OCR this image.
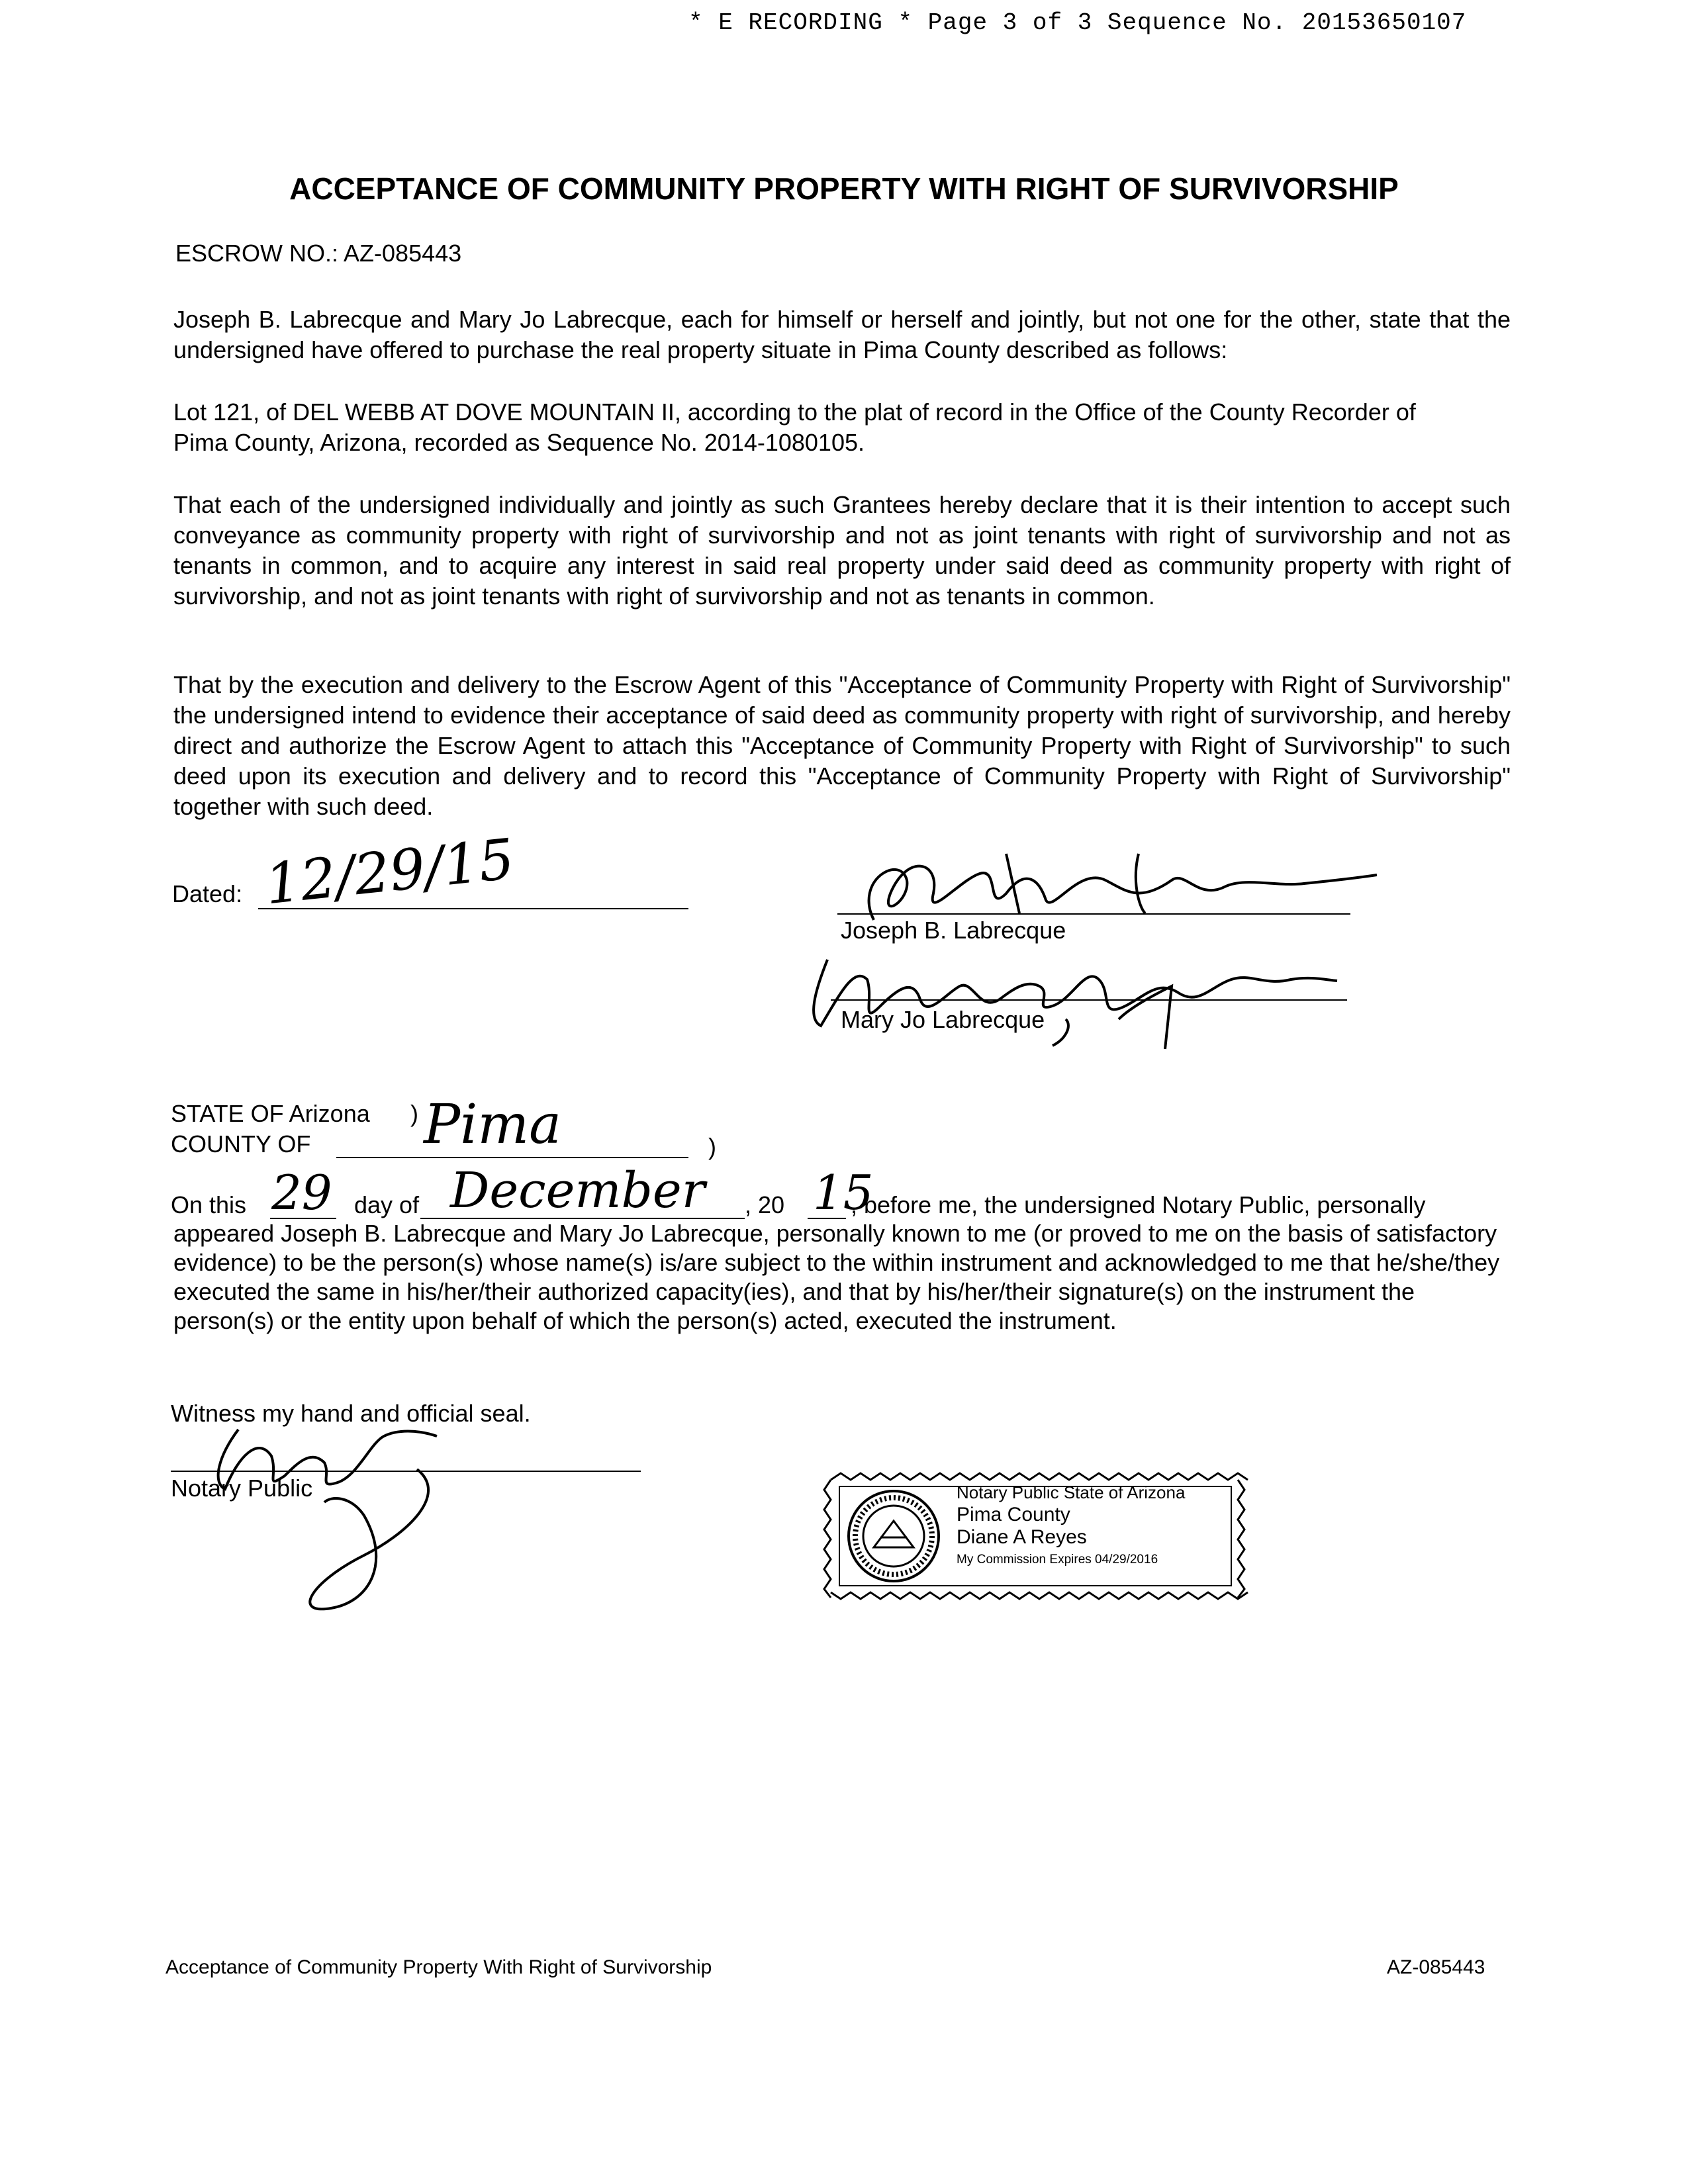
* E RECORDING * Page 3 of 3 Sequence No. 20153650107
ACCEPTANCE OF COMMUNITY PROPERTY WITH RIGHT OF SURVIVORSHIP
ESCROW NO.: AZ-085443

Joseph B. Labrecque and Mary Jo Labrecque, each for himself or herself and jointly, but not one for the other, state that the undersigned have offered to purchase the real property situate in Pima County described as follows:

Lot 121, of DEL WEBB AT DOVE MOUNTAIN II, according to the plat of record in the Office of the County Recorder of Pima County, Arizona, recorded as Sequence No. 2014-1080105.

That each of the undersigned individually and jointly as such Grantees hereby declare that it is their intention to accept such conveyance as community property with right of survivorship and not as joint tenants with right of survivorship and not as tenants in common, and to acquire any interest in said real property under said deed as community property with right of survivorship, and not as joint tenants with right of survivorship and not as tenants in common.

That by the execution and delivery to the Escrow Agent of this "Acceptance of Community Property with Right of Survivorship" the undersigned intend to evidence their acceptance of said deed as community property with right of survivorship, and hereby direct and authorize the Escrow Agent to attach this "Acceptance of Community Property with Right of Survivorship" to such deed upon its execution and delivery and to record this "Acceptance of Community Property with Right of Survivorship" together with such deed.

Dated: 12/29/15
Joseph B. Labrecque
Mary Jo Labrecque
STATE OF Arizona )
COUNTY OF Pima	)
On this 29 day of December , 20 15
, before me, the undersigned Notary Public, personally

appeared Joseph B. Labrecque and Mary Jo Labrecque, personally known to me (or proved to me on the basis of satisfactory evidence) to be the person(s) whose name(s) is/are subject to the within instrument and acknowledged to me that he/she/they executed the same in his/her/their authorized capacity(ies), and that by his/her/their signature(s) on the instrument the person(s) or the entity upon behalf of which the person(s) acted, executed the instrument.

Witness my hand and official seal.
Notary Public	Notary Public State of Arizona
Pima County
Diane A Reyes
My Commission Expires 04/29/2016
Acceptance of Community Property With Right of Survivorship	AZ-085443
